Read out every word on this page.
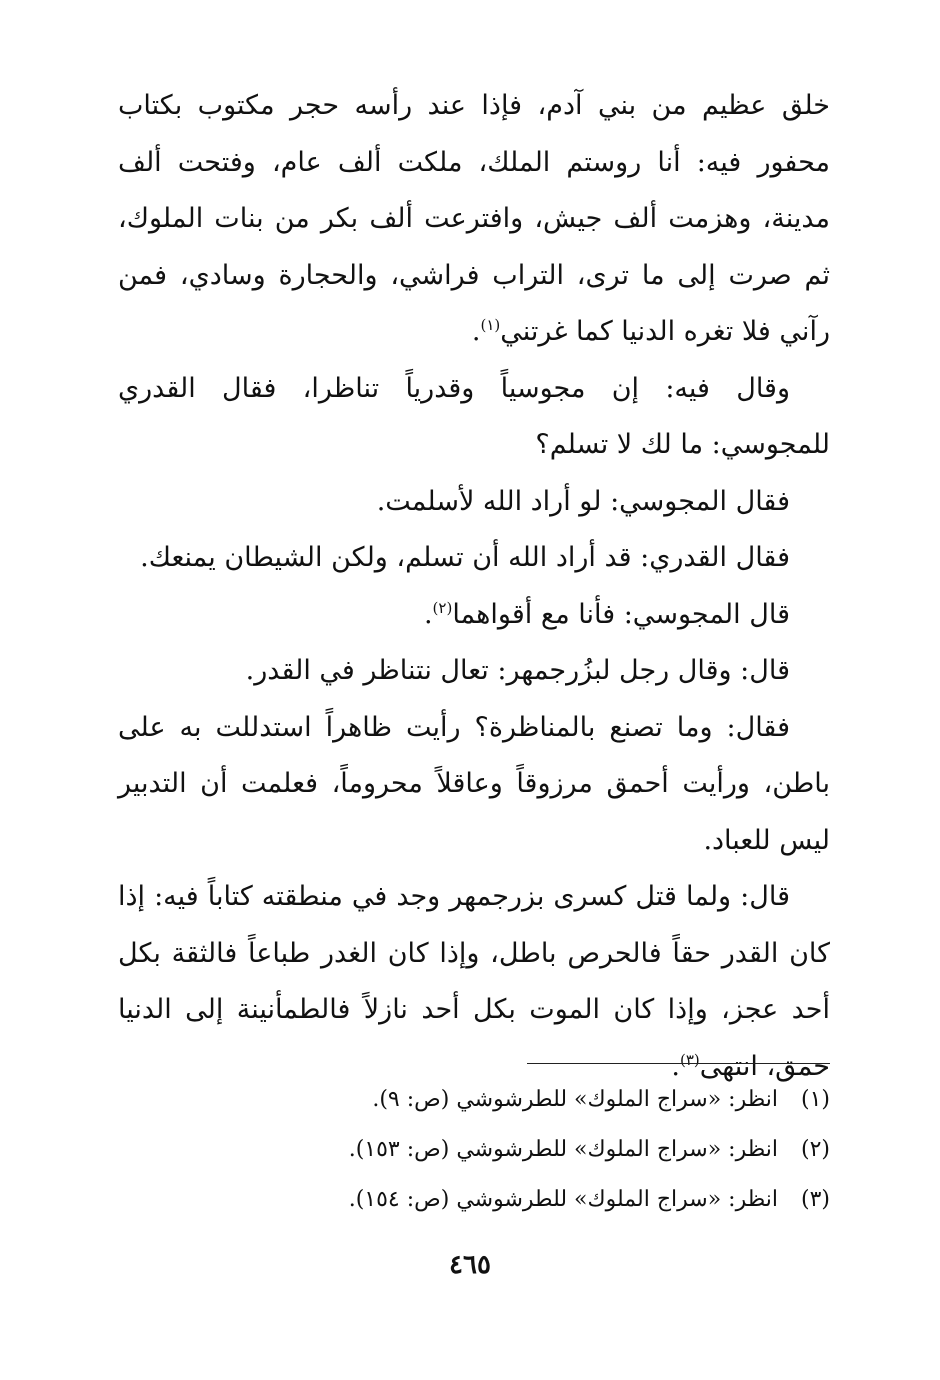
خلق عظيم من بني آدم، فإذا عند رأسه حجر مكتوب بكتاب محفور فيه: أنا روستم الملك، ملكت ألف عام، وفتحت ألف مدينة، وهزمت ألف جيش، وافترعت ألف بكر من بنات الملوك، ثم صرت إلى ما ترى، التراب فراشي، والحجارة وسادي، فمن رآني فلا تغره الدنيا كما غرتني$^{(١)}$.

وقال فيه: إن مجوسياً وقدرياً تناظرا، فقال القدري للمجوسي: ما لك لا تسلم؟

فقال المجوسي: لو أراد الله لأسلمت.

فقال القدري: قد أراد الله أن تسلم، ولكن الشيطان يمنعك.

قال المجوسي: فأنا مع أقواهما$^{(٢)}$.

قال: وقال رجل لبزُرجمهر: تعال نتناظر في القدر.

فقال: وما تصنع بالمناظرة؟ رأيت ظاهراً استدللت به على باطن، ورأيت أحمق مرزوقاً وعاقلاً محروماً، فعلمت أن التدبير ليس للعباد.

قال: ولما قتل كسرى بزرجمهر وجد في منطقته كتاباً فيه: إذا كان القدر حقاً فالحرص باطل، وإذا كان الغدر طباعاً فالثقة بكل أحد عجز، وإذا كان الموت بكل أحد نازلاً فالطمأنينة إلى الدنيا حمق، انتهى$^{(٣)}$.

(١)انظر: «سراج الملوك» للطرشوشي (ص: ٩).

(٢)انظر: «سراج الملوك» للطرشوشي (ص: ١٥٣).

(٣)انظر: «سراج الملوك» للطرشوشي (ص: ١٥٤).

٤٦٥
